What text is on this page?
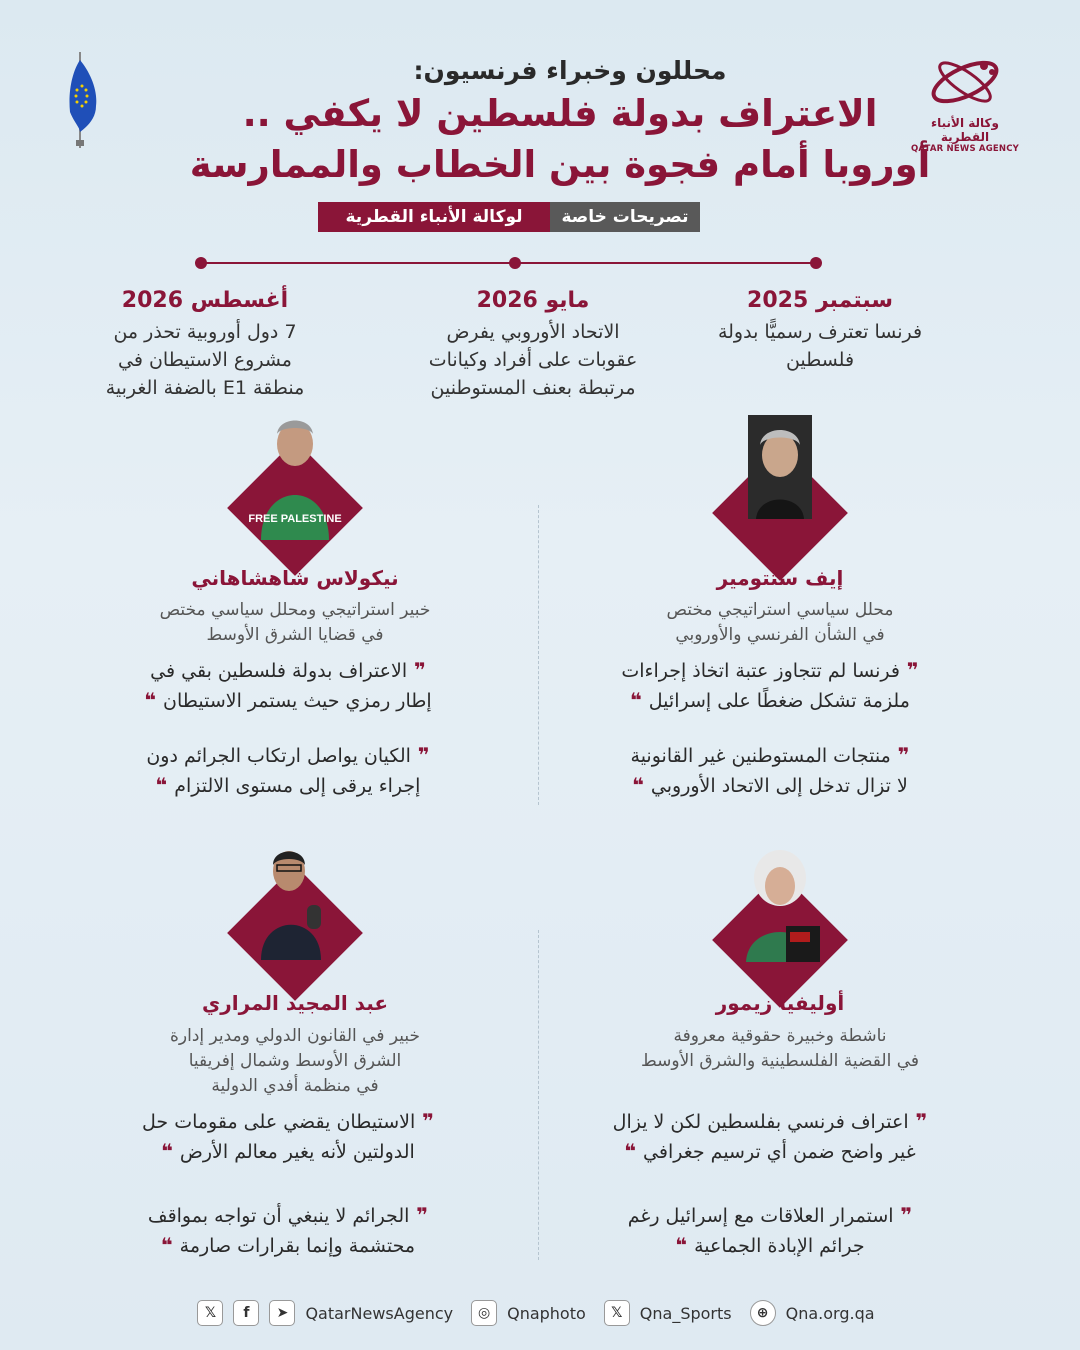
وكالة الأنباء القطرية
QATAR NEWS AGENCY
محللون وخبراء فرنسيون:
الاعتراف بدولة فلسطين لا يكفي ..
أوروبا أمام فجوة بين الخطاب والممارسة
تصريحات خاصة
لوكالة الأنباء القطرية
سبتمبر 2025
فرنسا تعترف رسميًّا بدولة
فلسطين
مايو 2026
الاتحاد الأوروبي يفرض
عقوبات على أفراد وكيانات
مرتبطة بعنف المستوطنين
أغسطس 2026
7 دول أوروبية تحذر من
مشروع الاستيطان في
منطقة E1 بالضفة الغربية
إيف ستتومير
محلل سياسي استراتيجي مختص
في الشأن الفرنسي والأوروبي
❞ فرنسا لم تتجاوز عتبة اتخاذ إجراءات
ملزمة تشكل ضغطًا على إسرائيل ❝
❞ منتجات المستوطنين غير القانونية
لا تزال تدخل إلى الاتحاد الأوروبي ❝
FREE PALESTINE
نيكولاس شاهشاهاني
خبير استراتيجي ومحلل سياسي مختص
في قضايا الشرق الأوسط
❞ الاعتراف بدولة فلسطين بقي في
إطار رمزي حيث يستمر الاستيطان ❝
❞ الكيان يواصل ارتكاب الجرائم دون
إجراء يرقى إلى مستوى الالتزام ❝
أوليفيا زيمور
ناشطة وخبيرة حقوقية معروفة
في القضية الفلسطينية والشرق الأوسط
❞ اعتراف فرنسي بفلسطين لكن لا يزال
غير واضح ضمن أي ترسيم جغرافي ❝
❞ استمرار العلاقات مع إسرائيل رغم
جرائم الإبادة الجماعية ❝
عبد المجيد المراري
خبير في القانون الدولي ومدير إدارة
الشرق الأوسط وشمال إفريقيا
في منظمة أفدي الدولية
❞ الاستيطان يقضي على مقومات حل
الدولتين لأنه يغير معالم الأرض ❝
❞ الجرائم لا ينبغي أن تواجه بمواقف
محتشمة وإنما بقرارات صارمة ❝
𝕏	f	➤	QatarNewsAgency	◎	Qnaphoto	𝕏	Qna_Sports	⊕	Qna.org.qa
